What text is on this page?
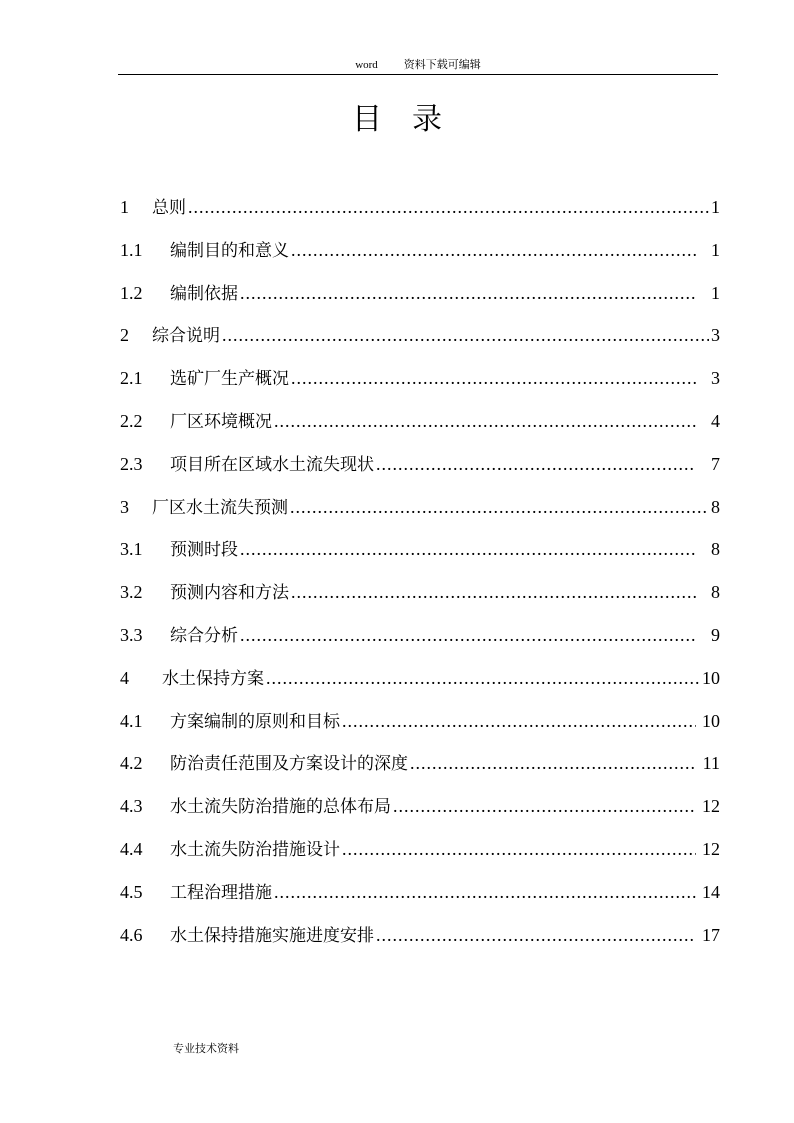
word 资料下载可编辑
目录
1	总则 .....	1
1.1	编制目的和意义 .....	1
1.2	编制依据 .....	1
2	综合说明 .....	3
2.1	选矿厂生产概况 .....	3
2.2	厂区环境概况 .....	4
2.3	项目所在区域水土流失现状 .....	7
3	厂区水土流失预测 .....	8
3.1	预测时段 .....	8
3.2	预测内容和方法 .....	8
3.3	综合分析 .....	9
4	水土保持方案 .....	10
4.1	方案编制的原则和目标 .....	10
4.2	防治责任范围及方案设计的深度 .....	11
4.3	水土流失防治措施的总体布局 .....	12
4.4	水土流失防治措施设计 .....	12
4.5	工程治理措施 .....	14
4.6	水土保持措施实施进度安排 .....	17
专业技术资料
